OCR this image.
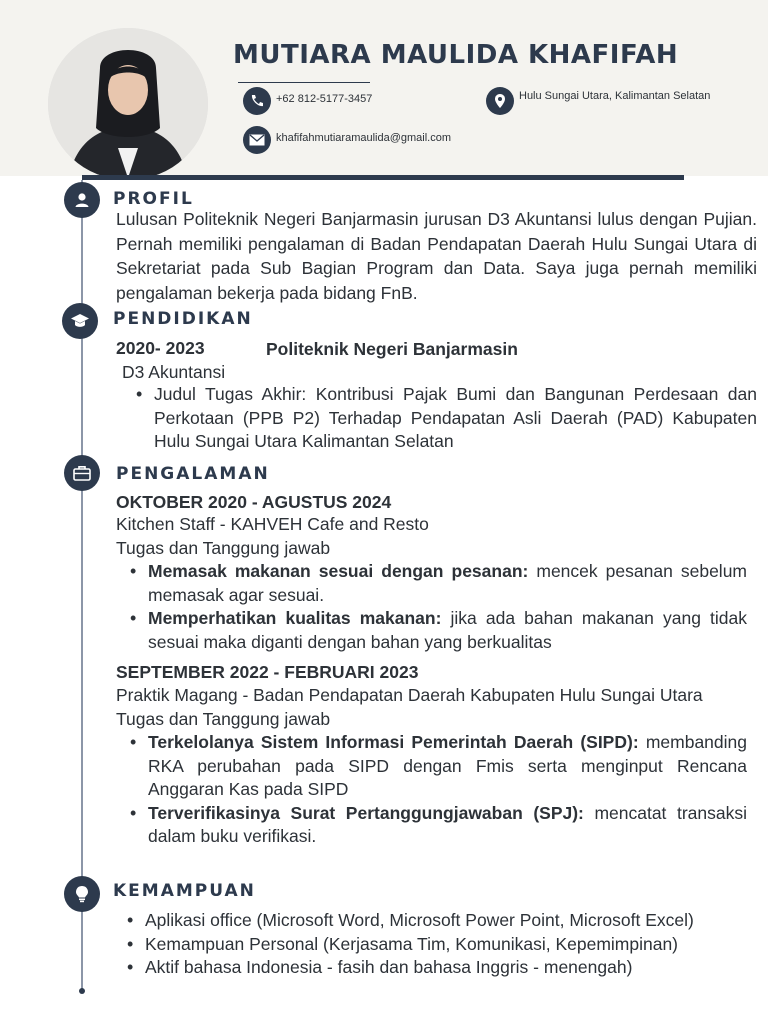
MUTIARA MAULIDA KHAFIFAH
+62 812-5177-3457	Hulu Sungai Utara, Kalimantan Selatan
khafifahmutiaramaulida@gmail.com
PROFIL
Lulusan Politeknik Negeri Banjarmasin jurusan D3 Akuntansi lulus dengan Pujian. Pernah memiliki pengalaman di Badan Pendapatan Daerah Hulu Sungai Utara di Sekretariat pada Sub Bagian Program dan Data. Saya juga pernah memiliki pengalaman bekerja pada bidang FnB.
PENDIDIKAN
2020- 2023	Politeknik Negeri Banjarmasin
D3 Akuntansi
• Judul Tugas Akhir: Kontribusi Pajak Bumi dan Bangunan Perdesaan dan Perkotaan (PPB P2) Terhadap Pendapatan Asli Daerah (PAD) Kabupaten Hulu Sungai Utara Kalimantan Selatan
PENGALAMAN
OKTOBER 2020 - AGUSTUS 2024
Kitchen Staff - KAHVEH Cafe and Resto
Tugas dan Tanggung jawab
• Memasak makanan sesuai dengan pesanan: mencek pesanan sebelum memasak agar sesuai.
• Memperhatikan kualitas makanan: jika ada bahan makanan yang tidak sesuai maka diganti dengan bahan yang berkualitas
SEPTEMBER 2022 - FEBRUARI 2023
Praktik Magang - Badan Pendapatan Daerah Kabupaten Hulu Sungai Utara
Tugas dan Tanggung jawab
• Terkelolanya Sistem Informasi Pemerintah Daerah (SIPD): membanding RKA perubahan pada SIPD dengan Fmis serta menginput Rencana Anggaran Kas pada SIPD
• Terverifikasinya Surat Pertanggungjawaban (SPJ): mencatat transaksi dalam buku verifikasi.
KEMAMPUAN
• Aplikasi office (Microsoft Word, Microsoft Power Point, Microsoft Excel)
• Kemampuan Personal (Kerjasama Tim, Komunikasi, Kepemimpinan)
• Aktif bahasa Indonesia - fasih dan bahasa Inggris - menengah)
